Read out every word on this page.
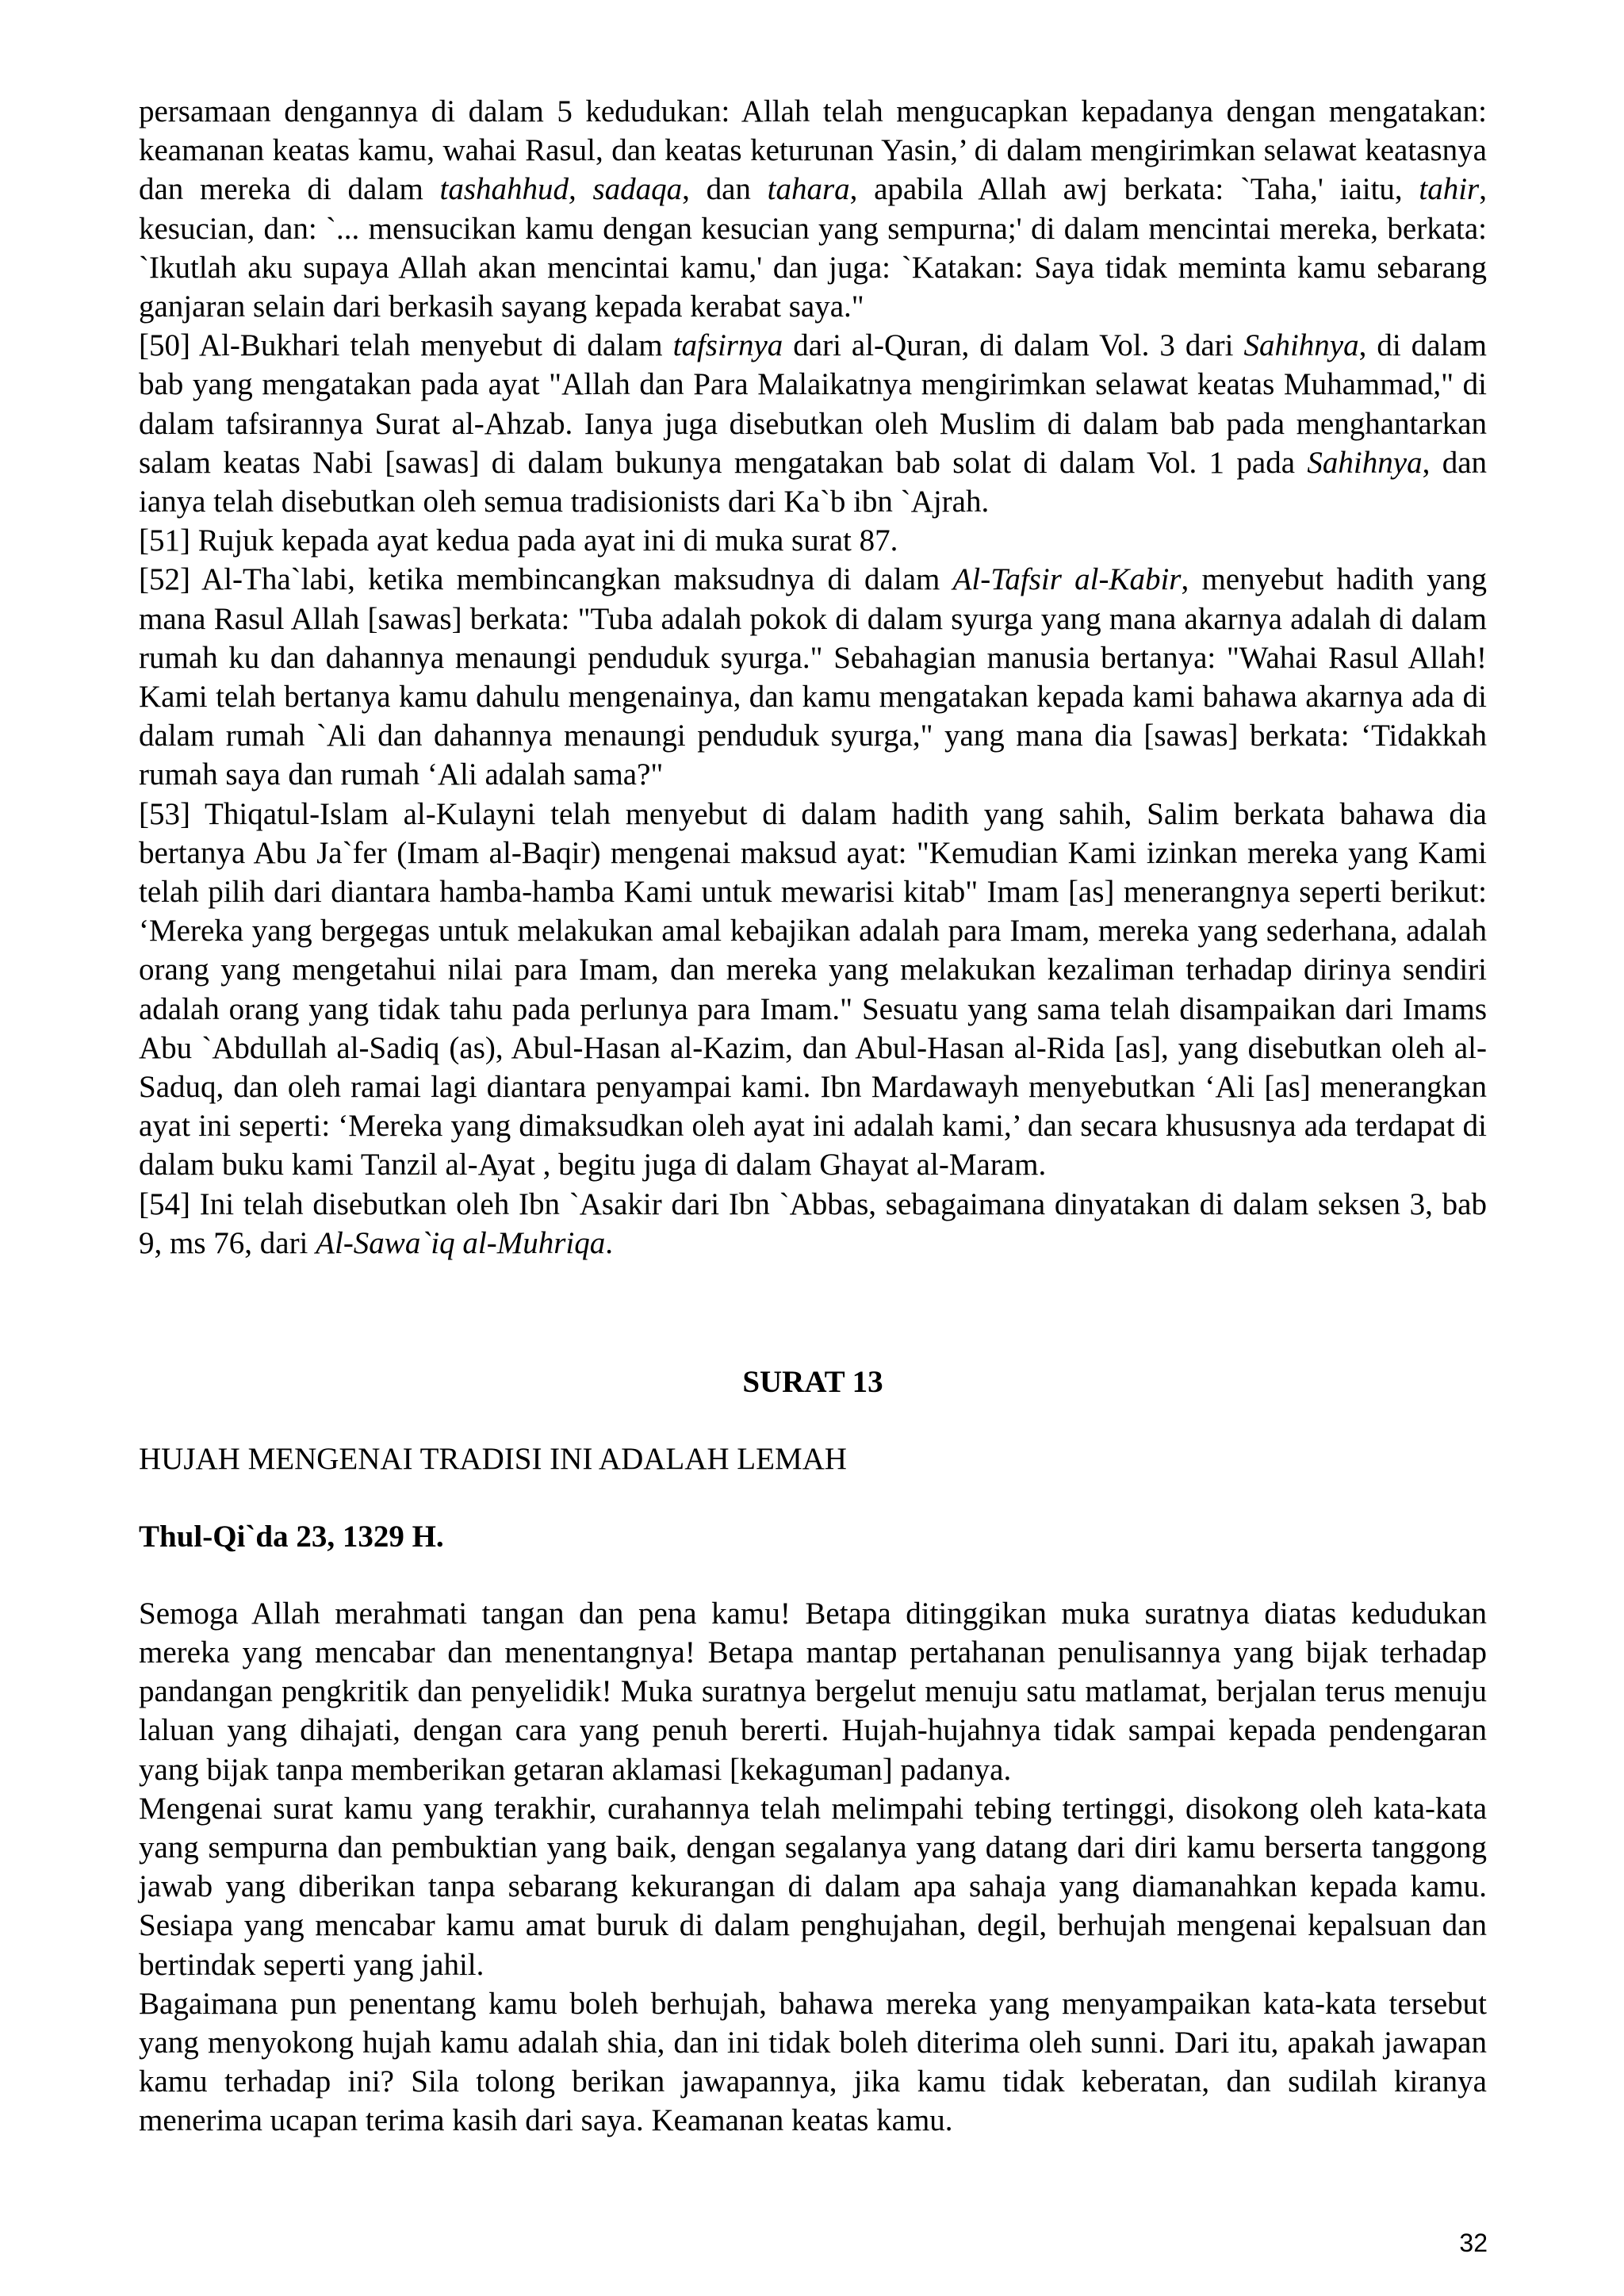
persamaan dengannya di dalam 5 kedudukan: Allah telah mengucapkan kepadanya dengan mengatakan: keamanan keatas kamu, wahai Rasul, dan keatas keturunan Yasin,’ di dalam mengirimkan selawat keatasnya dan mereka di dalam tashahhud, sadaqa, dan tahara, apabila Allah awj berkata: `Taha,' iaitu, tahir, kesucian, dan: `... mensucikan kamu dengan kesucian yang sempurna;' di dalam mencintai mereka, berkata: `Ikutlah aku supaya Allah akan mencintai kamu,' dan juga: `Katakan: Saya tidak meminta kamu sebarang ganjaran selain dari berkasih sayang kepada kerabat saya."

[50] Al-Bukhari telah menyebut di dalam tafsirnya dari al-Quran, di dalam Vol. 3 dari Sahihnya, di dalam bab yang mengatakan pada ayat "Allah dan Para Malaikatnya mengirimkan selawat keatas Muhammad," di dalam tafsirannya Surat al-Ahzab. Ianya juga disebutkan oleh Muslim di dalam bab pada menghantarkan salam keatas Nabi [sawas] di dalam bukunya mengatakan bab solat di dalam Vol. 1 pada Sahihnya, dan ianya telah disebutkan oleh semua tradisionists dari Ka`b ibn `Ajrah.

[51] Rujuk kepada ayat kedua pada ayat ini di muka surat 87.

[52] Al-Tha`labi, ketika membincangkan maksudnya di dalam Al-Tafsir al-Kabir, menyebut hadith yang mana Rasul Allah [sawas] berkata: "Tuba adalah pokok di dalam syurga yang mana akarnya adalah di dalam rumah ku dan dahannya menaungi penduduk syurga." Sebahagian manusia bertanya: "Wahai Rasul Allah! Kami telah bertanya kamu dahulu mengenainya, dan kamu mengatakan kepada kami bahawa akarnya ada di dalam rumah `Ali dan dahannya menaungi penduduk syurga," yang mana dia [sawas] berkata: ‘Tidakkah rumah saya dan rumah ‘Ali adalah sama?"

[53] Thiqatul-Islam al-Kulayni telah menyebut di dalam hadith yang sahih, Salim berkata bahawa dia bertanya Abu Ja`fer (Imam al-Baqir) mengenai maksud ayat: "Kemudian Kami izinkan mereka yang Kami telah pilih dari diantara hamba-hamba Kami untuk mewarisi kitab" Imam [as] menerangnya seperti berikut: ‘Mereka yang bergegas untuk melakukan amal kebajikan adalah para Imam, mereka yang sederhana, adalah orang yang mengetahui nilai para Imam, dan mereka yang melakukan kezaliman terhadap dirinya sendiri adalah orang yang tidak tahu pada perlunya para Imam." Sesuatu yang sama telah disampaikan dari Imams Abu `Abdullah al-Sadiq (as), Abul-Hasan al-Kazim, dan Abul-Hasan al-Rida [as], yang disebutkan oleh al-Saduq, dan oleh ramai lagi diantara penyampai kami. Ibn Mardawayh menyebutkan ‘Ali [as] menerangkan ayat ini seperti: ‘Mereka yang dimaksudkan oleh ayat ini adalah kami,’ dan secara khususnya ada terdapat di dalam buku kami Tanzil al-Ayat , begitu juga di dalam Ghayat al-Maram.

[54] Ini telah disebutkan oleh Ibn `Asakir dari Ibn `Abbas, sebagaimana dinyatakan di dalam seksen 3, bab 9, ms 76, dari Al-Sawa`iq al-Muhriqa.

SURAT 13

HUJAH MENGENAI TRADISI INI ADALAH LEMAH

Thul-Qi`da 23, 1329 H.

Semoga Allah merahmati tangan dan pena kamu! Betapa ditinggikan muka suratnya diatas kedudukan mereka yang mencabar dan menentangnya! Betapa mantap pertahanan penulisannya yang bijak terhadap pandangan pengkritik dan penyelidik! Muka suratnya bergelut menuju satu matlamat, berjalan terus menuju laluan yang dihajati, dengan cara yang penuh bererti. Hujah-hujahnya tidak sampai kepada pendengaran yang bijak tanpa memberikan getaran aklamasi [kekaguman] padanya.

Mengenai surat kamu yang terakhir, curahannya telah melimpahi tebing tertinggi, disokong oleh kata-kata yang sempurna dan pembuktian yang baik, dengan segalanya yang datang dari diri kamu berserta tanggong jawab yang diberikan tanpa sebarang kekurangan di dalam apa sahaja yang diamanahkan kepada kamu. Sesiapa yang mencabar kamu amat buruk di dalam penghujahan, degil, berhujah mengenai kepalsuan dan bertindak seperti yang jahil.

Bagaimana pun penentang kamu boleh berhujah, bahawa mereka yang menyampaikan kata-kata tersebut yang menyokong hujah kamu adalah shia, dan ini tidak boleh diterima oleh sunni. Dari itu, apakah jawapan kamu terhadap ini? Sila tolong berikan jawapannya, jika kamu tidak keberatan, dan sudilah kiranya menerima ucapan terima kasih dari saya. Keamanan keatas kamu.

32
